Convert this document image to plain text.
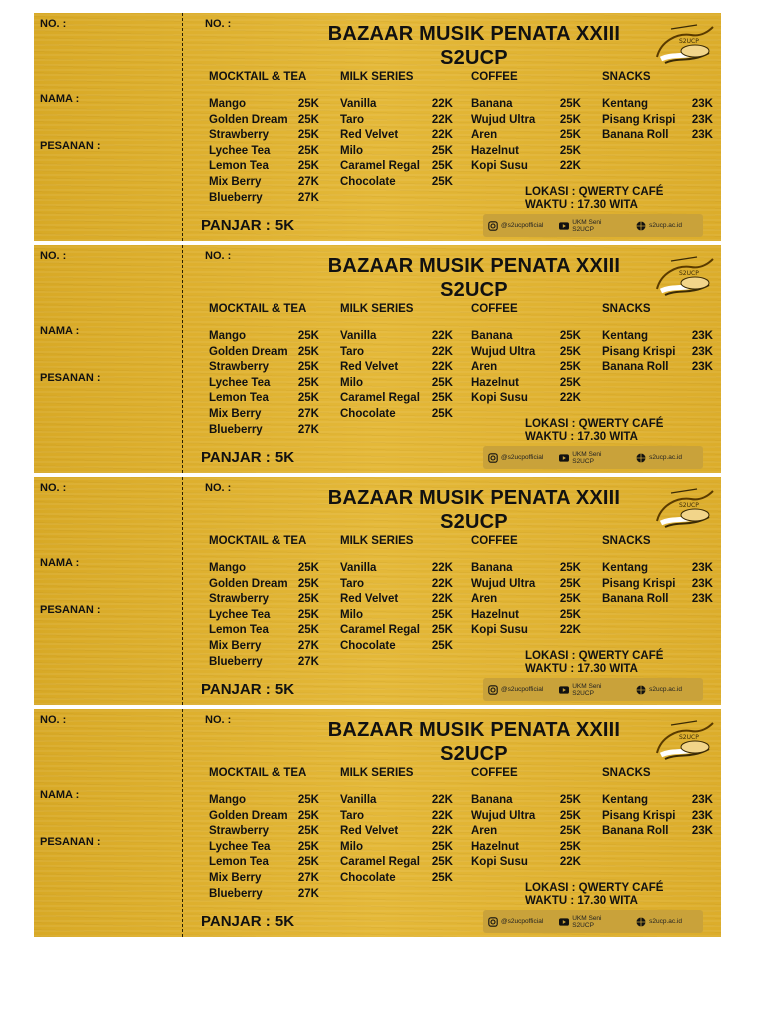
NO. :
NAMA :
PESANAN :
NO. :	BAZAAR MUSIK PENATA XXIII
S2UCP
S2UCP
MOCKTAIL & TEA
Mango	25K
Golden Dream 25K
Strawberry	25K
Lychee Tea 25K
Lemon Tea	25K
Mix Berry	27K
Blueberry	27K
MILK SERIES
Vanilla	22K
Taro	22K
Red Velvet	22K
Milo	25K
Caramel Regal 25K
Chocolate	25K
COFFEE
Banana	25K
Wujud Ultra 25K
Aren	25K
Hazelnut	25K
Kopi Susu	22K
SNACKS
Kentang	23K
Pisang Krispi 23K
Banana Roll 23K
LOKASI : QWERTY CAFÉ
WAKTU : 17.30 WITA
PANJAR : 5K	@s2ucpofficial	UKM Seni S2UCP	s2ucp.ac.id
NO. :
NAMA :
PESANAN :
NO. :	BAZAAR MUSIK PENATA XXIII
S2UCP
S2UCP
MOCKTAIL & TEA
Mango	25K
Golden Dream 25K
Strawberry	25K
Lychee Tea 25K
Lemon Tea	25K
Mix Berry	27K
Blueberry	27K
MILK SERIES
Vanilla	22K
Taro	22K
Red Velvet	22K
Milo	25K
Caramel Regal 25K
Chocolate	25K
COFFEE
Banana	25K
Wujud Ultra 25K
Aren	25K
Hazelnut	25K
Kopi Susu	22K
SNACKS
Kentang	23K
Pisang Krispi 23K
Banana Roll 23K
LOKASI : QWERTY CAFÉ
WAKTU : 17.30 WITA
PANJAR : 5K	@s2ucpofficial	UKM Seni S2UCP	s2ucp.ac.id
NO. :
NAMA :
PESANAN :
NO. :	BAZAAR MUSIK PENATA XXIII
S2UCP
S2UCP
MOCKTAIL & TEA
Mango	25K
Golden Dream 25K
Strawberry	25K
Lychee Tea 25K
Lemon Tea	25K
Mix Berry	27K
Blueberry	27K
MILK SERIES
Vanilla	22K
Taro	22K
Red Velvet	22K
Milo	25K
Caramel Regal 25K
Chocolate	25K
COFFEE
Banana	25K
Wujud Ultra 25K
Aren	25K
Hazelnut	25K
Kopi Susu	22K
SNACKS
Kentang	23K
Pisang Krispi 23K
Banana Roll 23K
LOKASI : QWERTY CAFÉ
WAKTU : 17.30 WITA
PANJAR : 5K	@s2ucpofficial	UKM Seni S2UCP	s2ucp.ac.id
NO. :
NAMA :
PESANAN :
NO. :	BAZAAR MUSIK PENATA XXIII
S2UCP
S2UCP
MOCKTAIL & TEA
Mango	25K
Golden Dream 25K
Strawberry	25K
Lychee Tea 25K
Lemon Tea	25K
Mix Berry	27K
Blueberry	27K
MILK SERIES
Vanilla	22K
Taro	22K
Red Velvet	22K
Milo	25K
Caramel Regal 25K
Chocolate	25K
COFFEE
Banana	25K
Wujud Ultra 25K
Aren	25K
Hazelnut	25K
Kopi Susu	22K
SNACKS
Kentang	23K
Pisang Krispi 23K
Banana Roll 23K
LOKASI : QWERTY CAFÉ
WAKTU : 17.30 WITA
PANJAR : 5K	@s2ucpofficial	UKM Seni S2UCP	s2ucp.ac.id
